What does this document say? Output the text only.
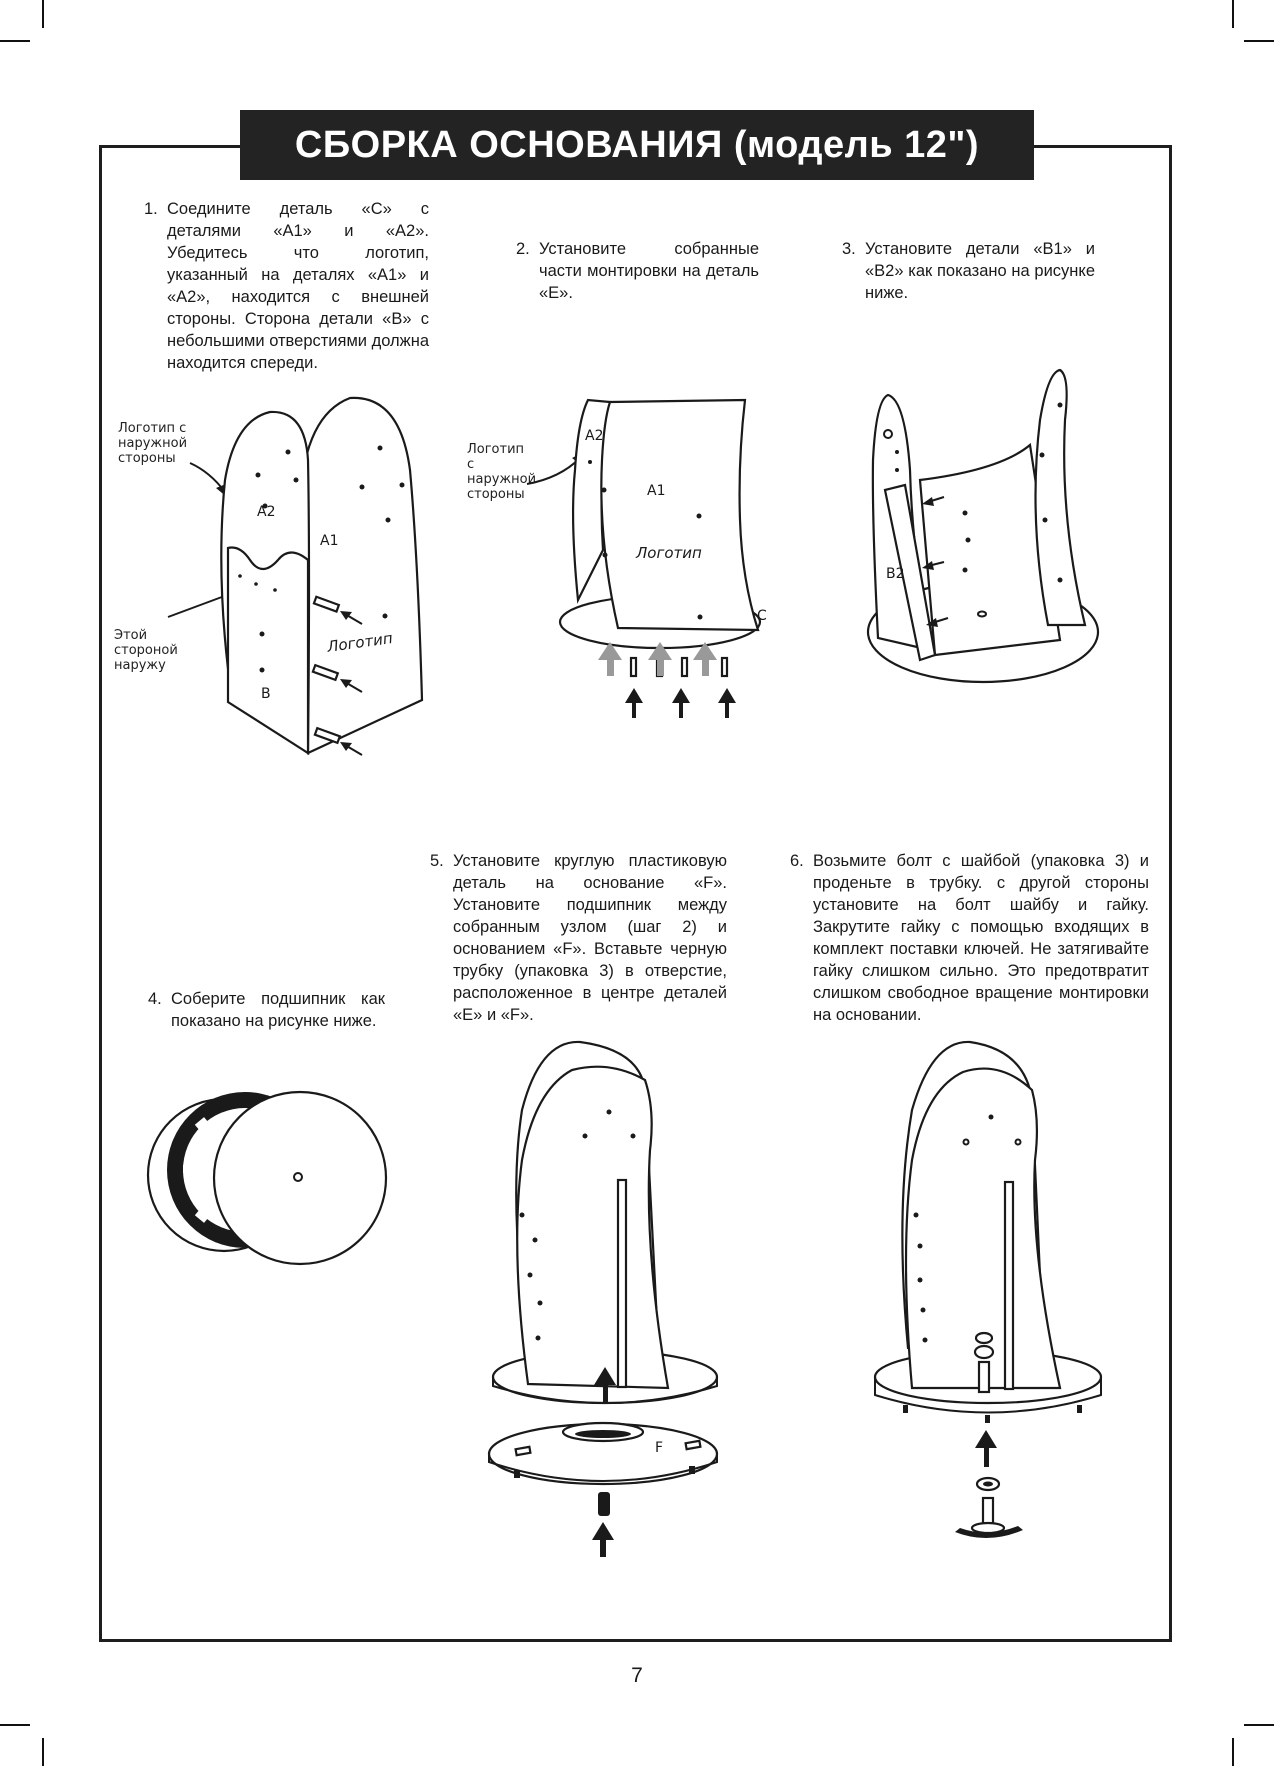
СБОРКА ОСНОВАНИЯ (модель 12")
1. Соедините деталь «C» с деталями «A1» и «A2». Убедитесь что логотип, указанный на деталях «A1» и «A2», находится с внешней стороны. Сторона детали «B» с небольшими отверстиями должна находится спереди.
2. Установите собранные части монтировки на деталь «E».
3. Установите детали «B1» и «B2» как показано на рисунке ниже.
4. Соберите подшипник как показано на рисунке ниже.
5. Установите круглую пластиковую деталь на основание «F». Установите подшипник между собранным узлом (шаг 2) и основанием «F». Вставьте черную трубку (упаковка 3) в отверстие, расположенное в центре деталей «E» и «F».
6. Возьмите болт с шайбой (упаковка 3) и проденьте в трубку. с другой стороны установите на болт шайбу и гайку. Закрутите гайку с помощью входящих в комплект поставки ключей. Не затягивайте гайку слишком сильно. Это предотвратит слишком свободное вращение монтировки на основании.
Логотип с наружной стороны
Этой стороной наружу
Логотип с наружной стороны
A2
A1
B
Логотип
A2
A1
C
Логотип
B2
F
7
